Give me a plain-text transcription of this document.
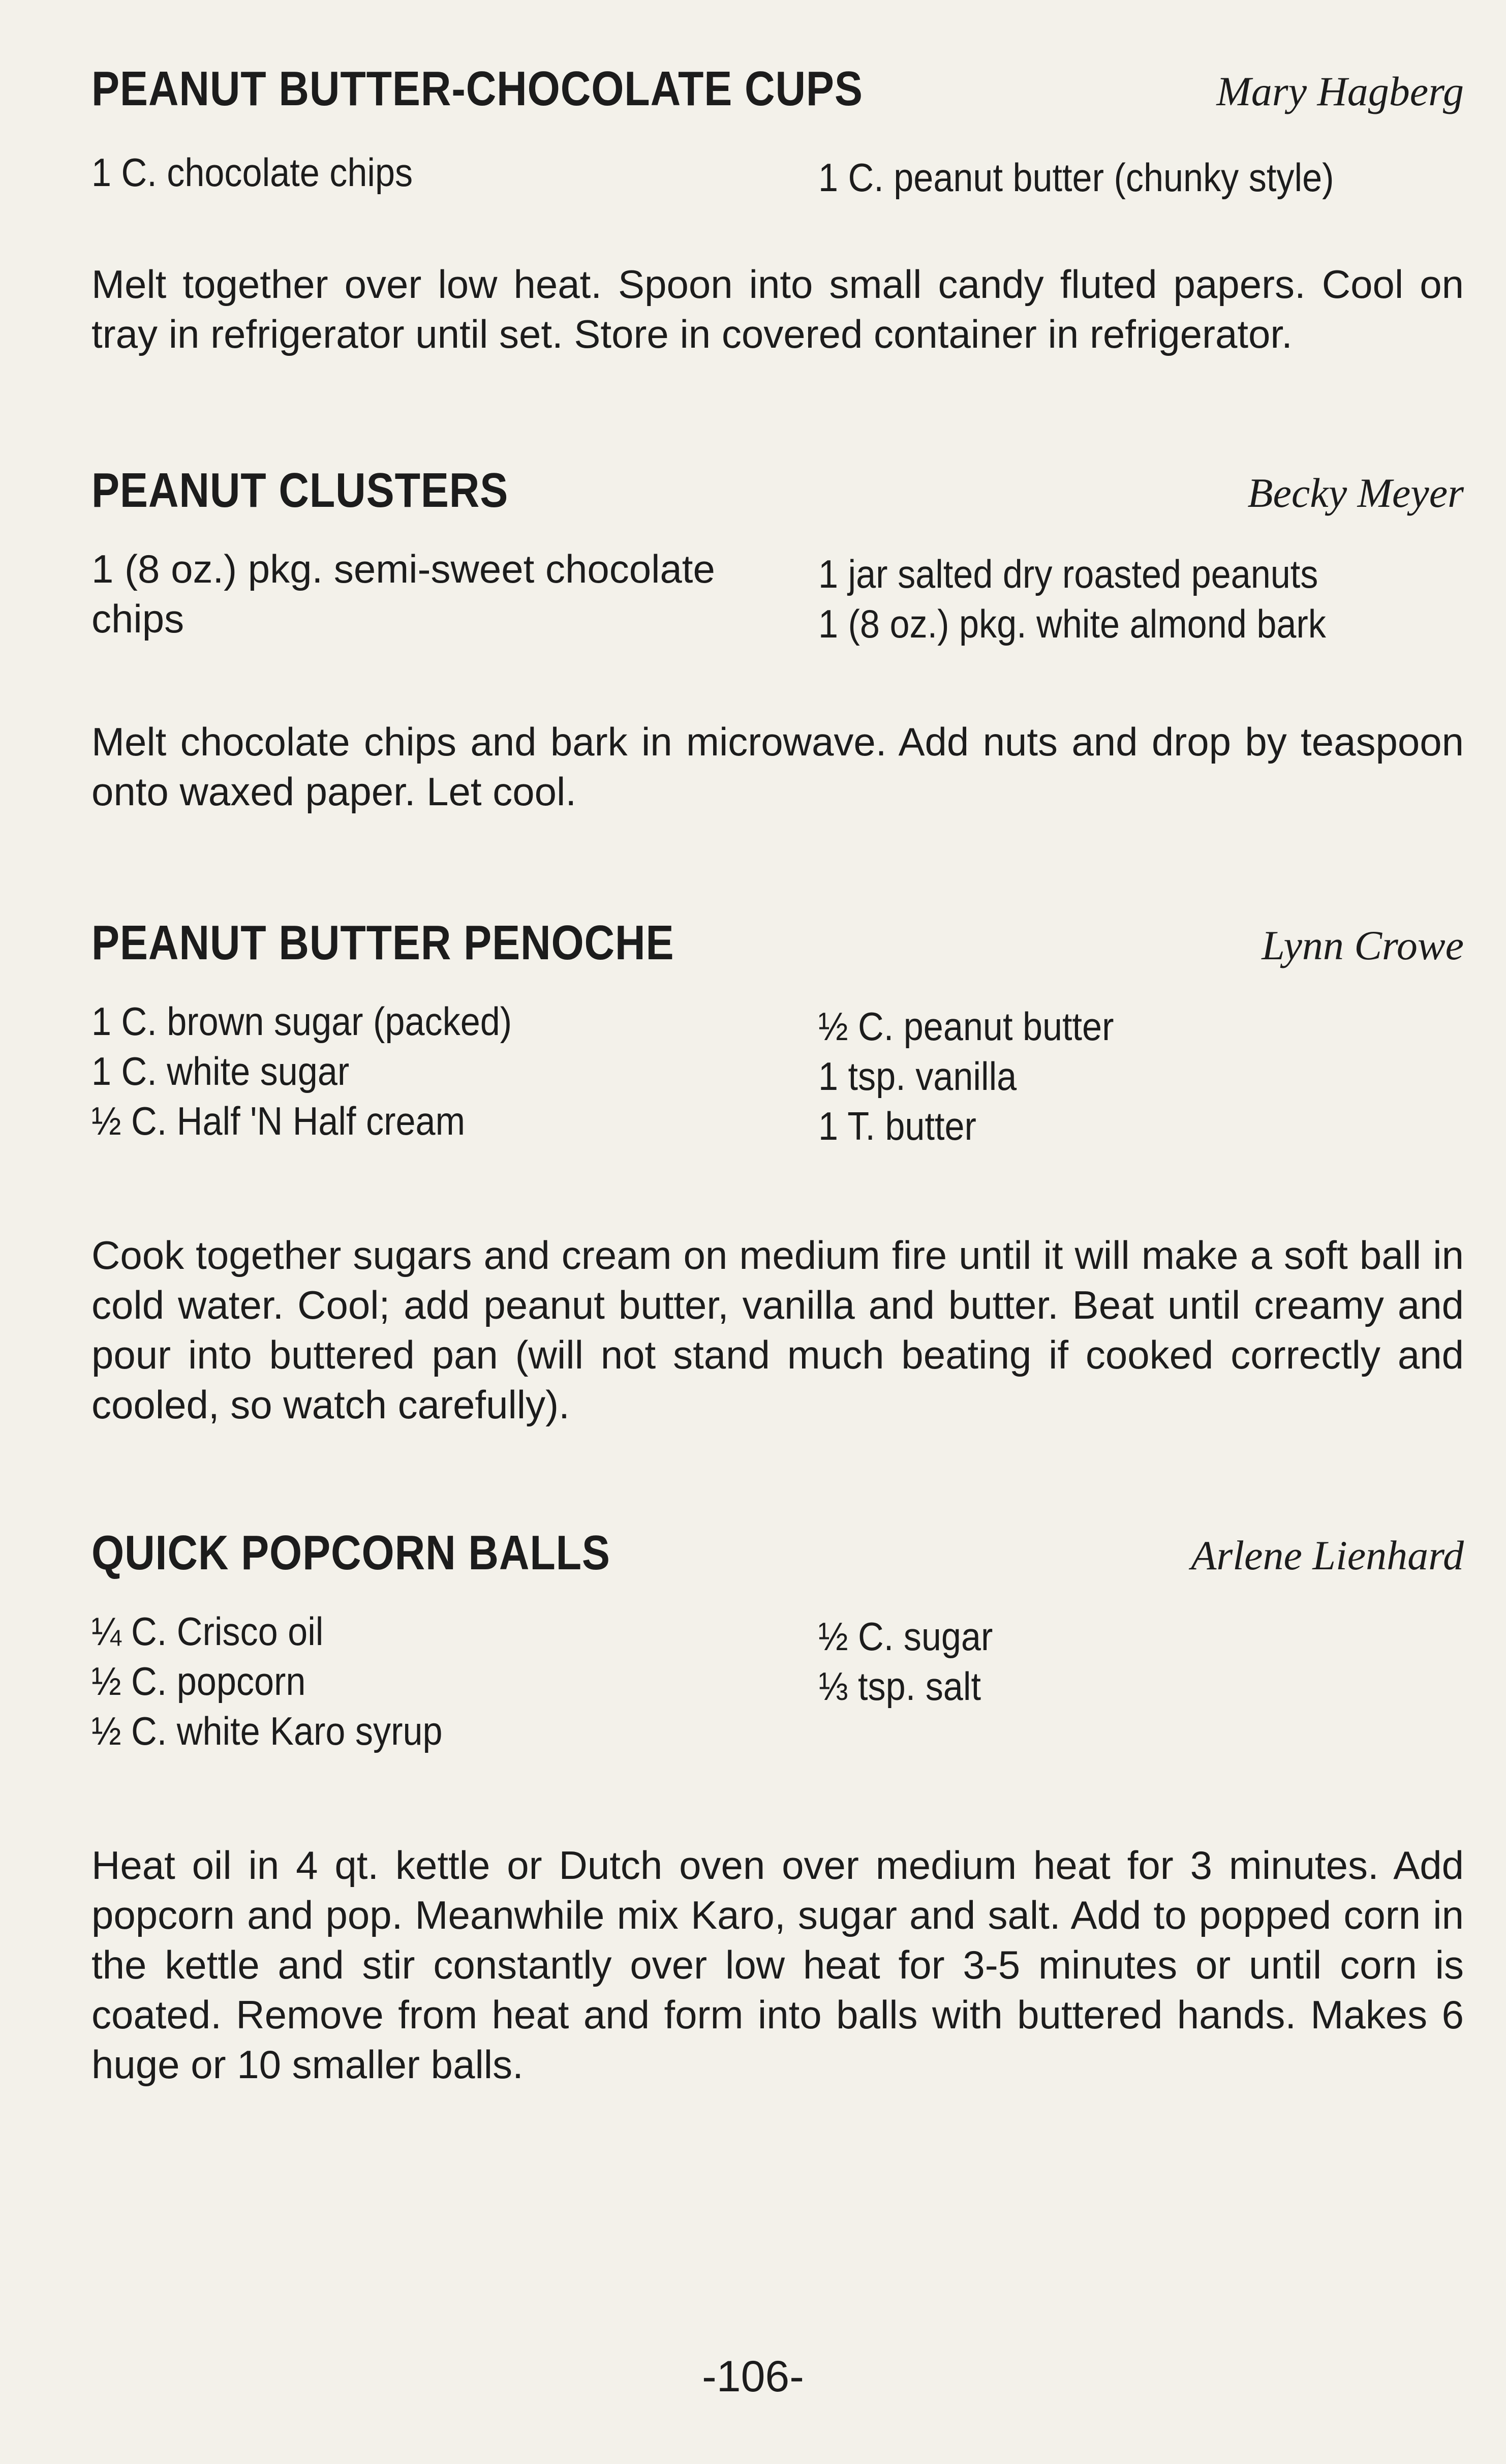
PEANUT BUTTER-CHOCOLATE CUPS	Mary Hagberg
1 C. chocolate chips	1 C. peanut butter (chunky style)
Melt together over low heat. Spoon into small candy fluted papers. Cool on tray in refrigerator until set. Store in covered container in refrigerator.
PEANUT CLUSTERS	Becky Meyer
1 (8 oz.) pkg. semi-sweet chocolate chips
1 jar salted dry roasted peanuts
1 (8 oz.) pkg. white almond bark
Melt chocolate chips and bark in microwave. Add nuts and drop by teaspoon onto waxed paper. Let cool.
PEANUT BUTTER PENOCHE	Lynn Crowe
1 C. brown sugar (packed)
1 C. white sugar
½ C. Half 'N Half cream
½ C. peanut butter
1 tsp. vanilla
1 T. butter
Cook together sugars and cream on medium fire until it will make a soft ball in cold water. Cool; add peanut butter, vanilla and butter. Beat until creamy and pour into buttered pan (will not stand much beating if cooked correctly and cooled, so watch carefully).
QUICK POPCORN BALLS	Arlene Lienhard
¼ C. Crisco oil
½ C. popcorn
½ C. white Karo syrup
½ C. sugar
⅓ tsp. salt
Heat oil in 4 qt. kettle or Dutch oven over medium heat for 3 minutes. Add popcorn and pop. Meanwhile mix Karo, sugar and salt. Add to popped corn in the kettle and stir constantly over low heat for 3-5 minutes or until corn is coated. Remove from heat and form into balls with buttered hands. Makes 6 huge or 10 smaller balls.
-106-
